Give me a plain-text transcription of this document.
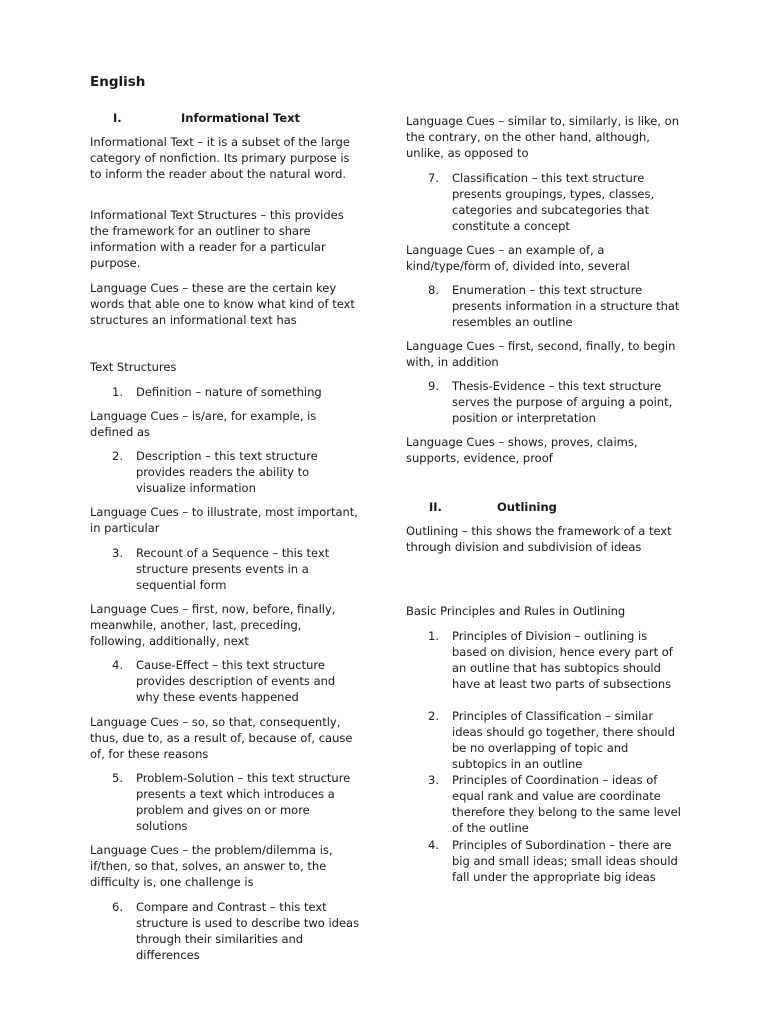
English
I.	Informational Text

Informational Text – it is a subset of the large category of nonfiction. Its primary purpose is to inform the reader about the natural word.

Informational Text Structures – this provides the framework for an outliner to share information with a reader for a particular purpose.

Language Cues – these are the certain key words that able one to know what kind of text structures an informational text has

Text Structures

1. Definition – nature of something

Language Cues – is/are, for example, is defined as

2. Description – this text structure provides readers the ability to visualize information

Language Cues – to illustrate, most important, in particular

3. Recount of a Sequence – this text structure presents events in a sequential form

Language Cues – first, now, before, finally, meanwhile, another, last, preceding, following, additionally, next

4. Cause-Effect – this text structure provides description of events and why these events happened

Language Cues – so, so that, consequently, thus, due to, as a result of, because of, cause of, for these reasons

5. Problem-Solution – this text structure presents a text which introduces a problem and gives on or more solutions

Language Cues – the problem/dilemma is, if/then, so that, solves, an answer to, the difficulty is, one challenge is

6. Compare and Contrast – this text structure is used to describe two ideas through their similarities and differences

Language Cues – similar to, similarly, is like, on the contrary, on the other hand, although, unlike, as opposed to

7. Classification – this text structure presents groupings, types, classes, categories and subcategories that constitute a concept

Language Cues – an example of, a kind/type/form of, divided into, several

8. Enumeration – this text structure presents information in a structure that resembles an outline

Language Cues – first, second, finally, to begin with, in addition

9. Thesis-Evidence – this text structure serves the purpose of arguing a point, position or interpretation

Language Cues – shows, proves, claims, supports, evidence, proof

II.	Outlining

Outlining – this shows the framework of a text through division and subdivision of ideas

Basic Principles and Rules in Outlining

1. Principles of Division – outlining is based on division, hence every part of an outline that has subtopics should have at least two parts of subsections
2. Principles of Classification – similar ideas should go together, there should be no overlapping of topic and subtopics in an outline
3. Principles of Coordination – ideas of equal rank and value are coordinate therefore they belong to the same level of the outline
4. Principles of Subordination – there are big and small ideas; small ideas should fall under the appropriate big ideas
